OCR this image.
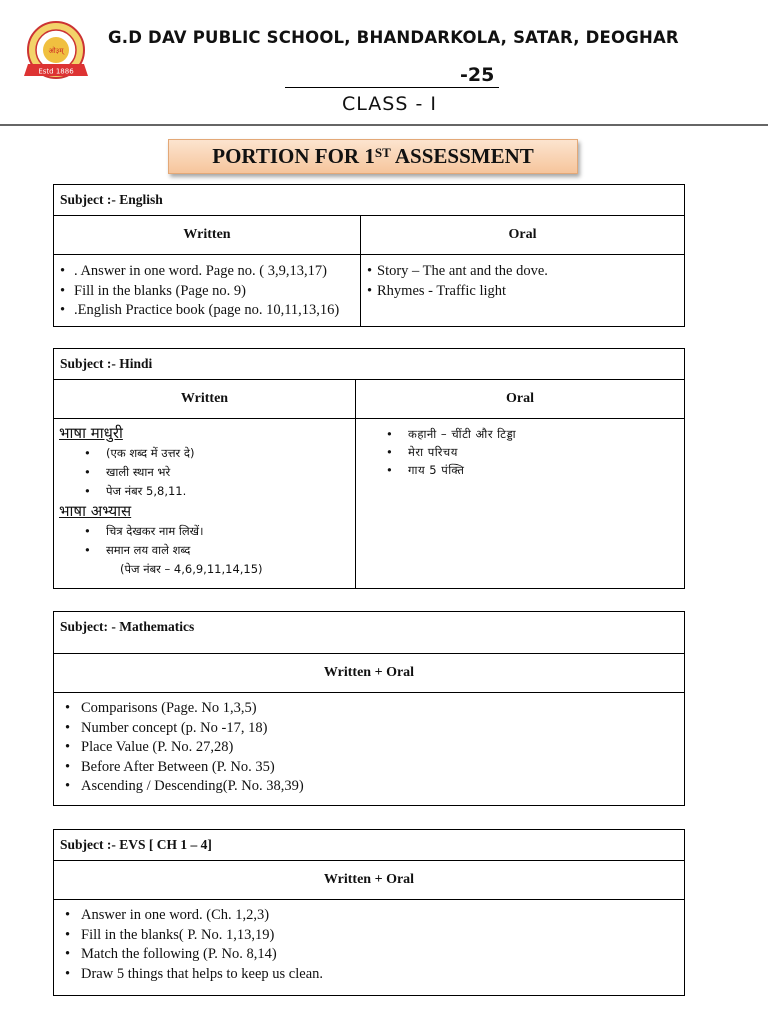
ओ३म्
Estd 1886
G.D DAV PUBLIC SCHOOL, BHANDARKOLA, SATAR, DEOGHAR
-25
CLASS - I
PORTION FOR 1ST ASSESSMENT
Subject :- English
Written	Oral
• . Answer in one word. Page no. ( 3,9,13,17)
• Fill in the blanks (Page no. 9)
• .English Practice book (page no. 10,11,13,16)
• Story – The ant and the dove.
• Rhymes - Traffic light
Subject :- Hindi
Written	Oral
भाषा माधुरी
• (एक शब्द में उत्तर दे)
• खाली स्थान भरे
• पेज नंबर 5,8,11.
भाषा अभ्यास
• चित्र देखकर नाम लिखें।
• समान लय वाले शब्द
(पेज नंबर – 4,6,9,11,14,15)
• कहानी – चींटी और टिड्डा
• मेरा परिचय
• गाय 5 पंक्ति
Subject: - Mathematics
Written + Oral
• Comparisons (Page. No 1,3,5)
• Number concept (p. No -17, 18)
• Place Value (P. No. 27,28)
• Before After Between (P. No. 35)
• Ascending / Descending(P. No. 38,39)
Subject :- EVS [ CH 1 – 4]
Written + Oral
• Answer in one word. (Ch. 1,2,3)
• Fill in the blanks( P. No. 1,13,19)
• Match the following (P. No. 8,14)
• Draw 5 things that helps to keep us clean.
